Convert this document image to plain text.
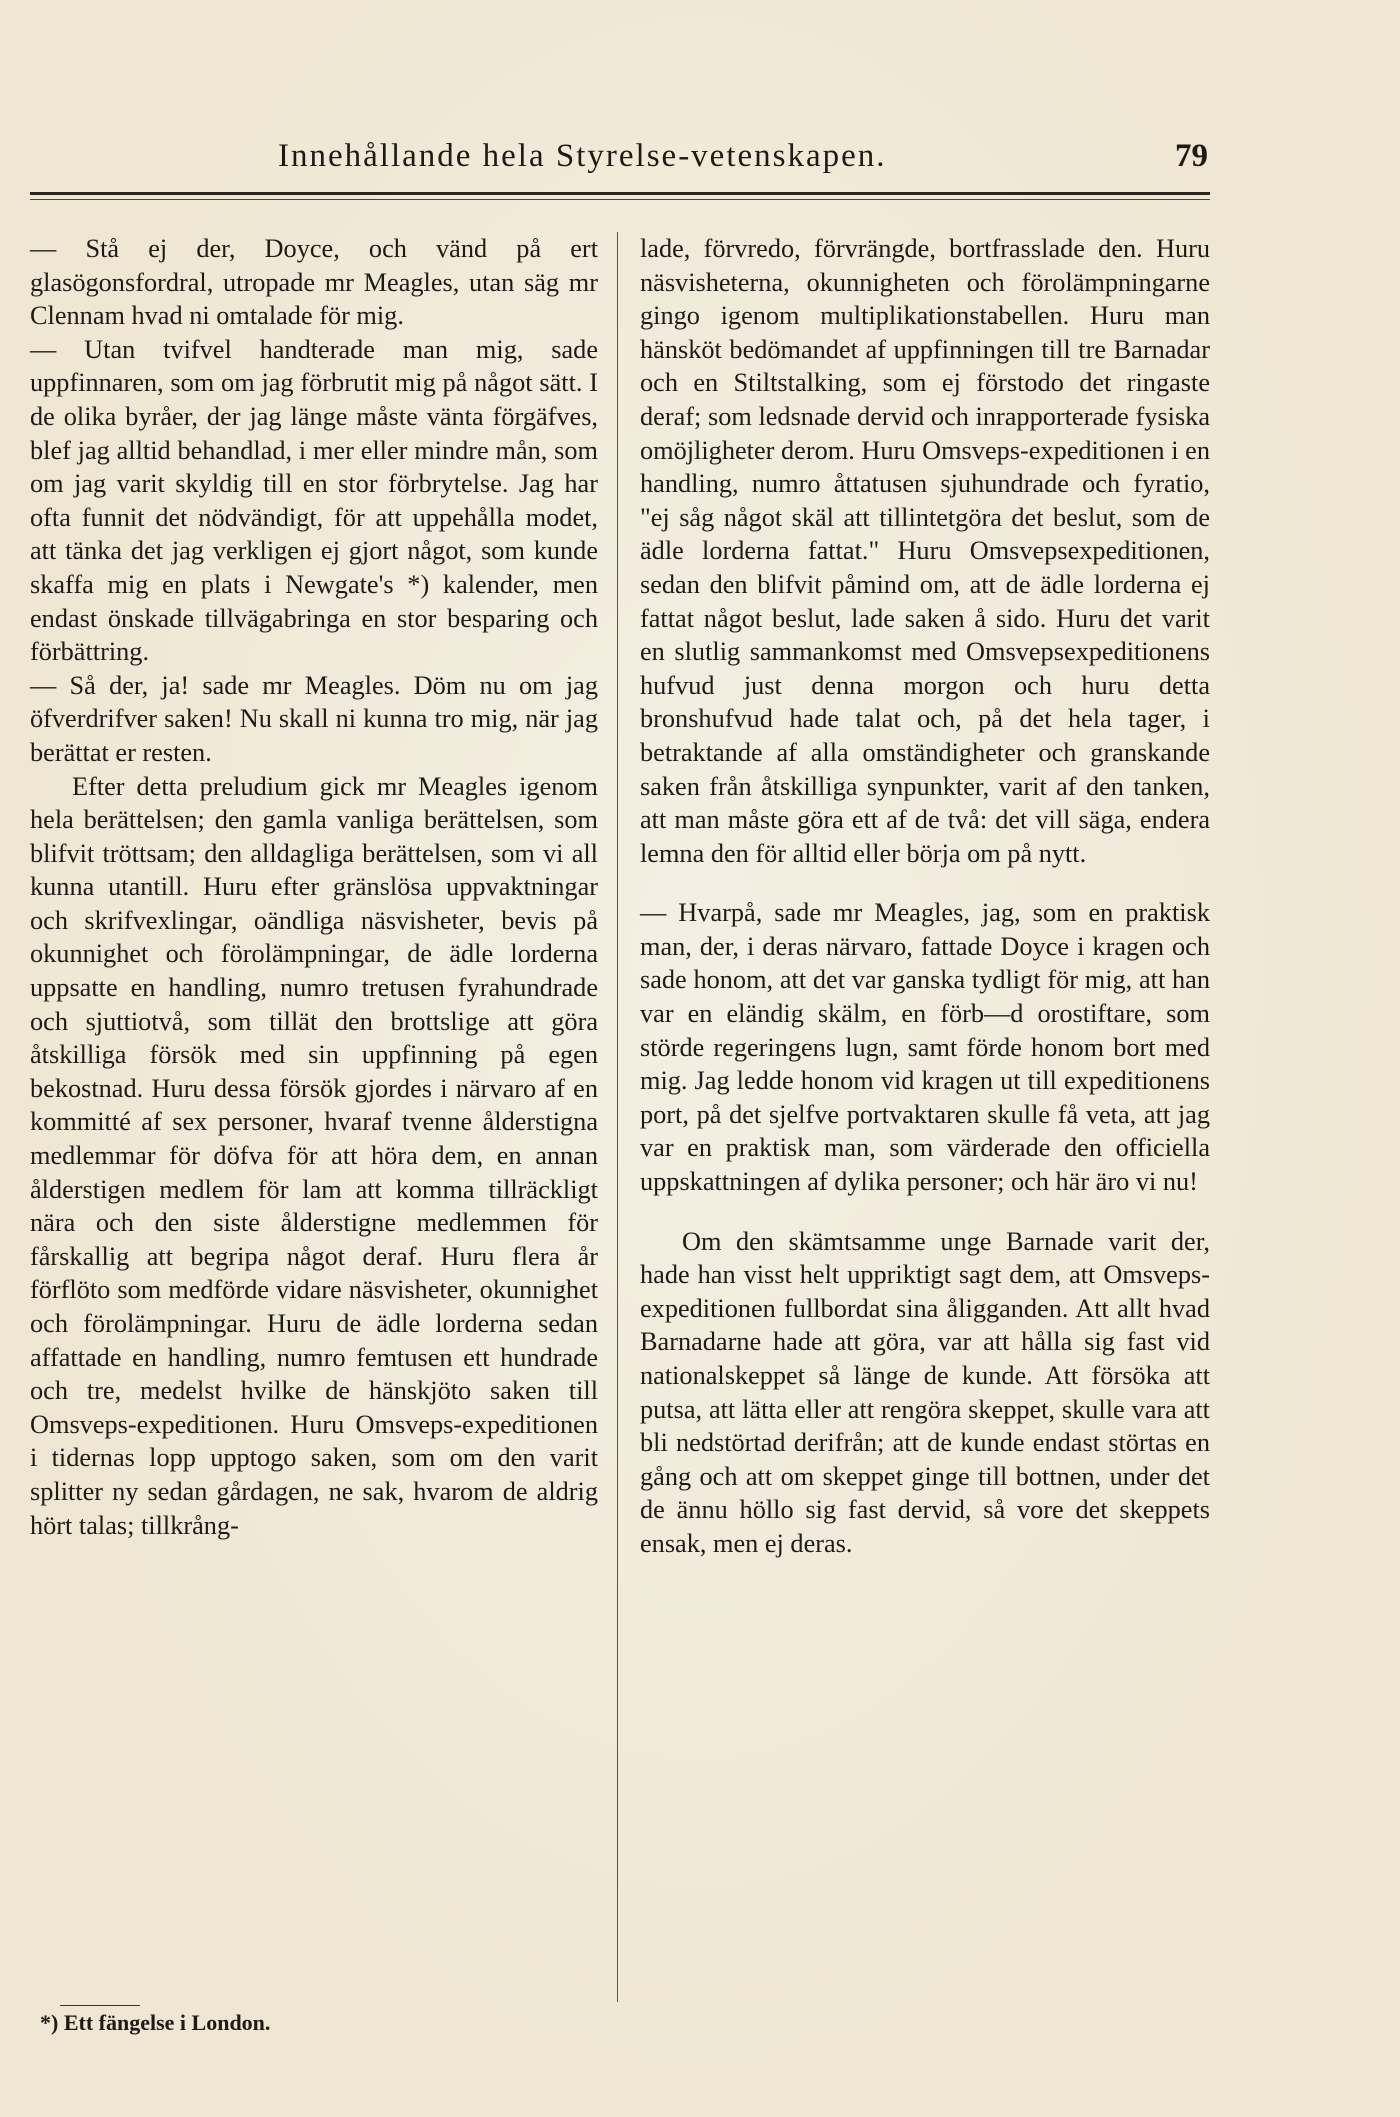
Innehållande hela Styrelse-vetenskapen.	79

— Stå ej der, Doyce, och vänd på ert glasögonsfordral, utropade mr Meagles, utan säg mr Clennam hvad ni omtalade för mig.

— Utan tvifvel handterade man mig, sade uppfinnaren, som om jag förbrutit mig på något sätt. I de olika byråer, der jag länge måste vänta förgäfves, blef jag alltid behandlad, i mer eller mindre mån, som om jag varit skyldig till en stor förbrytelse. Jag har ofta funnit det nödvändigt, för att uppehålla modet, att tänka det jag verkligen ej gjort något, som kunde skaffa mig en plats i Newgate's *) kalender, men endast önskade tillvägabringa en stor besparing och förbättring.

— Så der, ja! sade mr Meagles. Döm nu om jag öfverdrifver saken! Nu skall ni kunna tro mig, när jag berättat er resten.

Efter detta preludium gick mr Meagles igenom hela berättelsen; den gamla vanliga berättelsen, som blifvit tröttsam; den alldagliga berättelsen, som vi all kunna utantill. Huru efter gränslösa uppvaktningar och skrifvexlingar, oändliga näsvisheter, bevis på okunnighet och förolämpningar, de ädle lorderna uppsatte en handling, numro tretusen fyrahundrade och sjuttiotvå, som tillät den brottslige att göra åtskilliga försök med sin uppfinning på egen bekostnad. Huru dessa försök gjordes i närvaro af en kommitté af sex personer, hvaraf tvenne ålderstigna medlemmar för döfva för att höra dem, en annan ålderstigen medlem för lam att komma tillräckligt nära och den siste ålderstigne medlemmen för fårskallig att begripa något deraf. Huru flera år förflöto som medförde vidare näsvisheter, okunnighet och förolämpningar. Huru de ädle lorderna sedan affattade en handling, numro femtusen ett hundrade och tre, medelst hvilke de hänskjöto saken till Omsveps-expeditionen. Huru Omsveps-expeditionen i tidernas lopp upptogo saken, som om den varit splitter ny sedan gårdagen, ne sak, hvarom de aldrig hört talas; tillkrång-

lade, förvredo, förvrängde, bortfrasslade den. Huru näsvisheterna, okunnigheten och förolämpningarne gingo igenom multiplikationstabellen. Huru man hänsköt bedömandet af uppfinningen till tre Barnadar och en Stiltstalking, som ej förstodo det ringaste deraf; som ledsnade dervid och inrapporterade fysiska omöjligheter derom. Huru Omsveps-expeditionen i en handling, numro åttatusen sjuhundrade och fyratio, "ej såg något skäl att tillintetgöra det beslut, som de ädle lorderna fattat." Huru Omsvepsexpeditionen, sedan den blifvit påmind om, att de ädle lorderna ej fattat något beslut, lade saken å sido. Huru det varit en slutlig sammankomst med Omsvepsexpeditionens hufvud just denna morgon och huru detta bronshufvud hade talat och, på det hela tager, i betraktande af alla omständigheter och granskande saken från åtskilliga synpunkter, varit af den tanken, att man måste göra ett af de två: det vill säga, endera lemna den för alltid eller börja om på nytt.

— Hvarpå, sade mr Meagles, jag, som en praktisk man, der, i deras närvaro, fattade Doyce i kragen och sade honom, att det var ganska tydligt för mig, att han var en eländig skälm, en förb—d orostiftare, som störde regeringens lugn, samt förde honom bort med mig. Jag ledde honom vid kragen ut till expeditionens port, på det sjelfve portvaktaren skulle få veta, att jag var en praktisk man, som värderade den officiella uppskattningen af dylika personer; och här äro vi nu!

Om den skämtsamme unge Barnade varit der, hade han visst helt uppriktigt sagt dem, att Omsveps-expeditionen fullbordat sina åligganden. Att allt hvad Barnadarne hade att göra, var att hålla sig fast vid nationalskeppet så länge de kunde. Att försöka att putsa, att lätta eller att rengöra skeppet, skulle vara att bli nedstörtad derifrån; att de kunde endast störtas en gång och att om skeppet ginge till bottnen, under det de ännu höllo sig fast dervid, så vore det skeppets ensak, men ej deras.

*) Ett fängelse i London.
